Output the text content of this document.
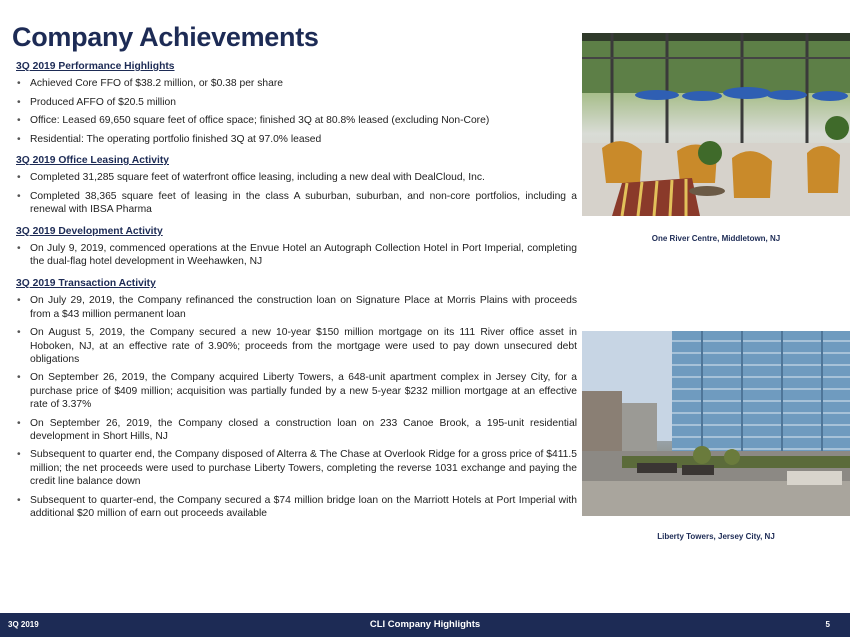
Company Achievements
3Q 2019 Performance Highlights
• Achieved Core FFO of $38.2 million, or $0.38 per share
• Produced AFFO of $20.5 million
• Office: Leased 69,650 square feet of office space; finished 3Q at 80.8% leased (excluding Non-Core)
• Residential: The operating portfolio finished 3Q at 97.0% leased
3Q 2019 Office Leasing Activity
• Completed 31,285 square feet of waterfront office leasing, including a new deal with DealCloud, Inc.
• Completed 38,365 square feet of leasing in the class A suburban, suburban, and non-core portfolios, including a renewal with IBSA Pharma
3Q 2019 Development Activity
• On July 9, 2019, commenced operations at the Envue Hotel an Autograph Collection Hotel in Port Imperial, completing the dual-flag hotel development in Weehawken, NJ
3Q 2019 Transaction Activity
• On July 29, 2019, the Company refinanced the construction loan on Signature Place at Morris Plains with proceeds from a $43 million permanent loan
• On August 5, 2019, the Company secured a new 10-year $150 million mortgage on its 111 River office asset in Hoboken, NJ, at an effective rate of 3.90%; proceeds from the mortgage were used to pay down unsecured debt obligations
• On September 26, 2019, the Company acquired Liberty Towers, a 648-unit apartment complex in Jersey City, for a purchase price of $409 million; acquisition was partially funded by a new 5-year $232 million mortgage at an effective rate of 3.37%
• On September 26, 2019, the Company closed a construction loan on 233 Canoe Brook, a 195-unit residential development in Short Hills, NJ
• Subsequent to quarter end, the Company disposed of Alterra & The Chase at Overlook Ridge for a gross price of $411.5 million; the net proceeds were used to purchase Liberty Towers, completing the reverse 1031 exchange and paying the credit line balance down
• Subsequent to quarter-end, the Company secured a $74 million bridge loan on the Marriott Hotels at Port Imperial with additional $20 million of earn out proceeds available
One River Centre, Middletown, NJ
Liberty Towers, Jersey City, NJ
3Q 2019	CLI Company Highlights	5
